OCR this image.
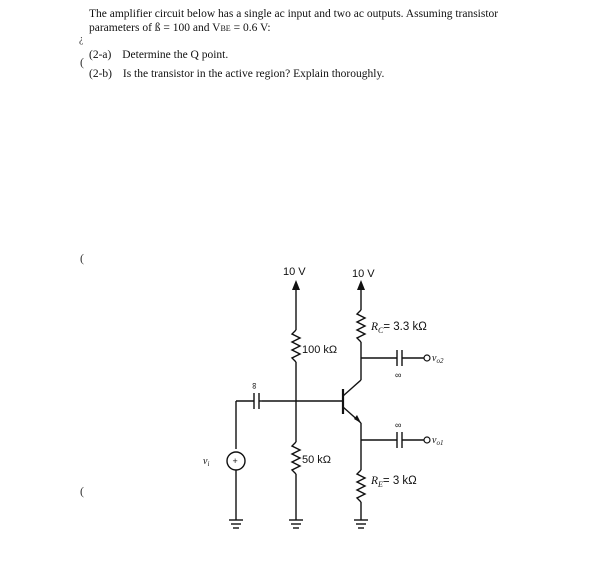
The amplifier circuit below has a single ac input and two ac outputs. Assuming transistor
parameters of ß = 100 and VBE = 0.6 V:
(2-a) Determine the Q point.
(2-b) Is the transistor in the active region? Explain thoroughly.
¿
(
(
(
10 V	10 V
100 kΩ
50 kΩ
$R_C= 3.3$ kΩ
$R_E= 3$ kΩ
$v_{o2}$
$v_{o1}$
$v_i$	+
∞
∞
∞
